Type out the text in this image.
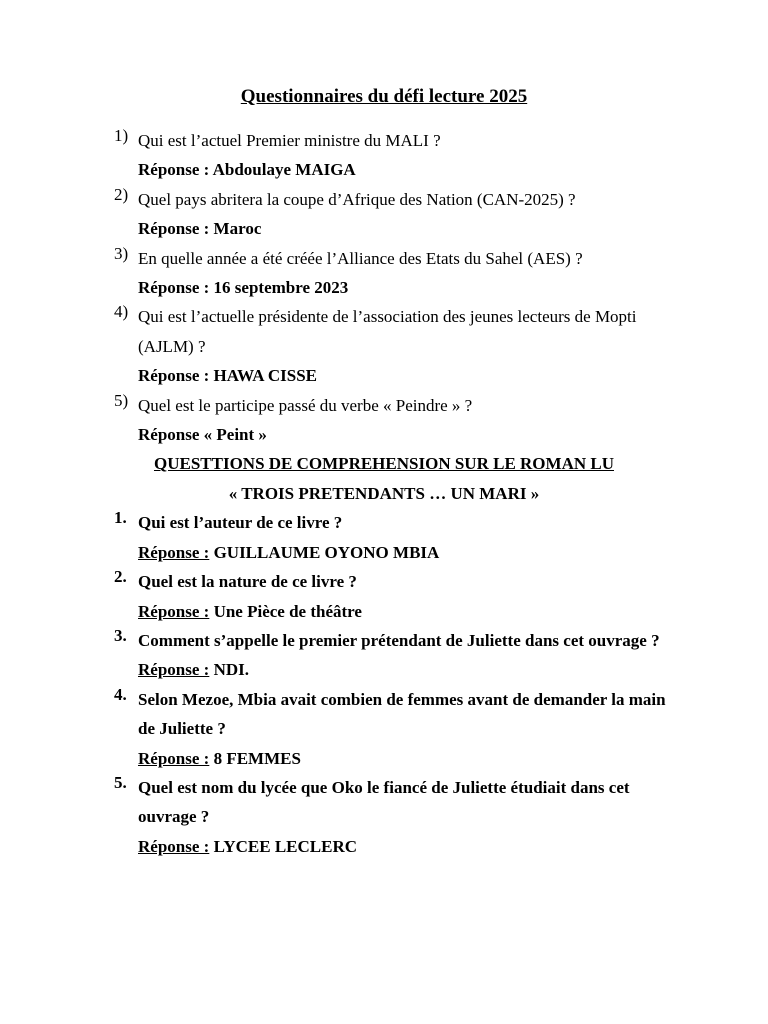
Questionnaires du défi lecture 2025
1) Qui est l’actuel Premier ministre du MALI ?
Réponse : Abdoulaye MAIGA
2) Quel pays abritera la coupe d’Afrique des Nation (CAN-2025) ?
Réponse : Maroc
3) En quelle année a été créée l’Alliance des Etats du Sahel (AES) ?
Réponse : 16 septembre 2023
4) Qui est l’actuelle présidente de l’association des jeunes lecteurs de Mopti (AJLM) ?
Réponse : HAWA CISSE
5) Quel est le participe passé du verbe « Peindre » ?
Réponse « Peint »
QUESTTIONS DE COMPREHENSION SUR LE ROMAN LU
« TROIS PRETENDANTS … UN MARI »
1. Qui est l’auteur de ce livre ?
Réponse : GUILLAUME OYONO MBIA
2. Quel est la nature de ce livre ?
Réponse : Une Pièce de théâtre
3. Comment s’appelle le premier prétendant de Juliette dans cet ouvrage ?
Réponse : NDI.
4. Selon Mezoe, Mbia avait combien de femmes avant de demander la main de Juliette ?
Réponse : 8 FEMMES
5. Quel est nom du lycée que Oko le fiancé de Juliette étudiait dans cet ouvrage ?
Réponse : LYCEE LECLERC
